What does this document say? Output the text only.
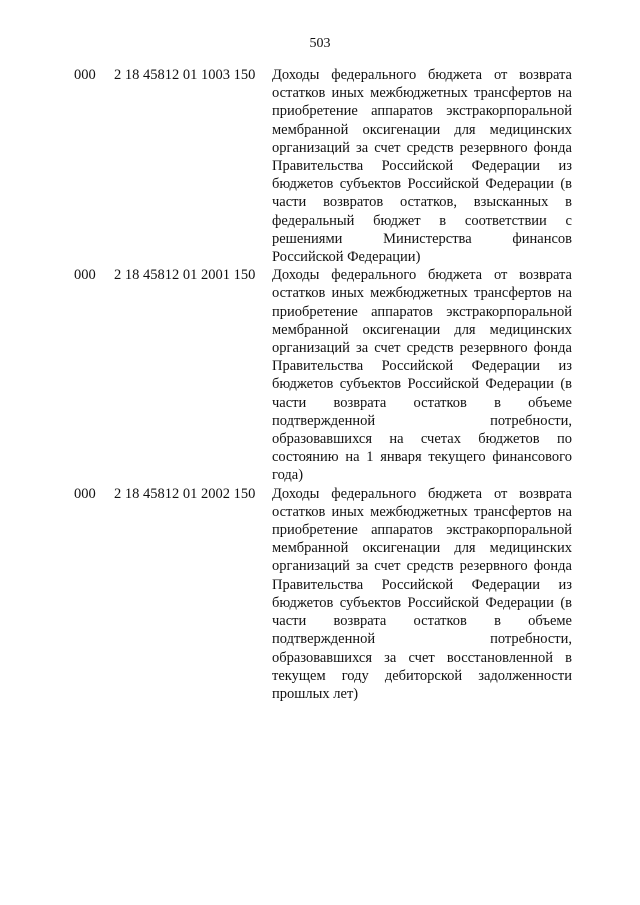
503
000 2 18 45812 01 1003 150 Доходы федерального бюджета от возврата
остатков иных межбюджетных трансфертов на
приобретение аппаратов экстракорпоральной
мембранной оксигенации для медицинских
организаций за счет средств резервного фонда
Правительства Российской Федерации из
бюджетов субъектов Российской Федерации (в
части возвратов остатков, взысканных в
федеральный бюджет в соответствии с
решениями Министерства финансов
Российской Федерации)
000 2 18 45812 01 2001 150 Доходы федерального бюджета от возврата
остатков иных межбюджетных трансфертов на
приобретение аппаратов экстракорпоральной
мембранной оксигенации для медицинских
организаций за счет средств резервного фонда
Правительства Российской Федерации из
бюджетов субъектов Российской Федерации (в
части возврата остатков в объеме
подтвержденной потребности,
образовавшихся на счетах бюджетов по
состоянию на 1 января текущего финансового
года)
000 2 18 45812 01 2002 150 Доходы федерального бюджета от возврата
остатков иных межбюджетных трансфертов на
приобретение аппаратов экстракорпоральной
мембранной оксигенации для медицинских
организаций за счет средств резервного фонда
Правительства Российской Федерации из
бюджетов субъектов Российской Федерации (в
части возврата остатков в объеме
подтвержденной потребности,
образовавшихся за счет восстановленной в
текущем году дебиторской задолженности
прошлых лет)
